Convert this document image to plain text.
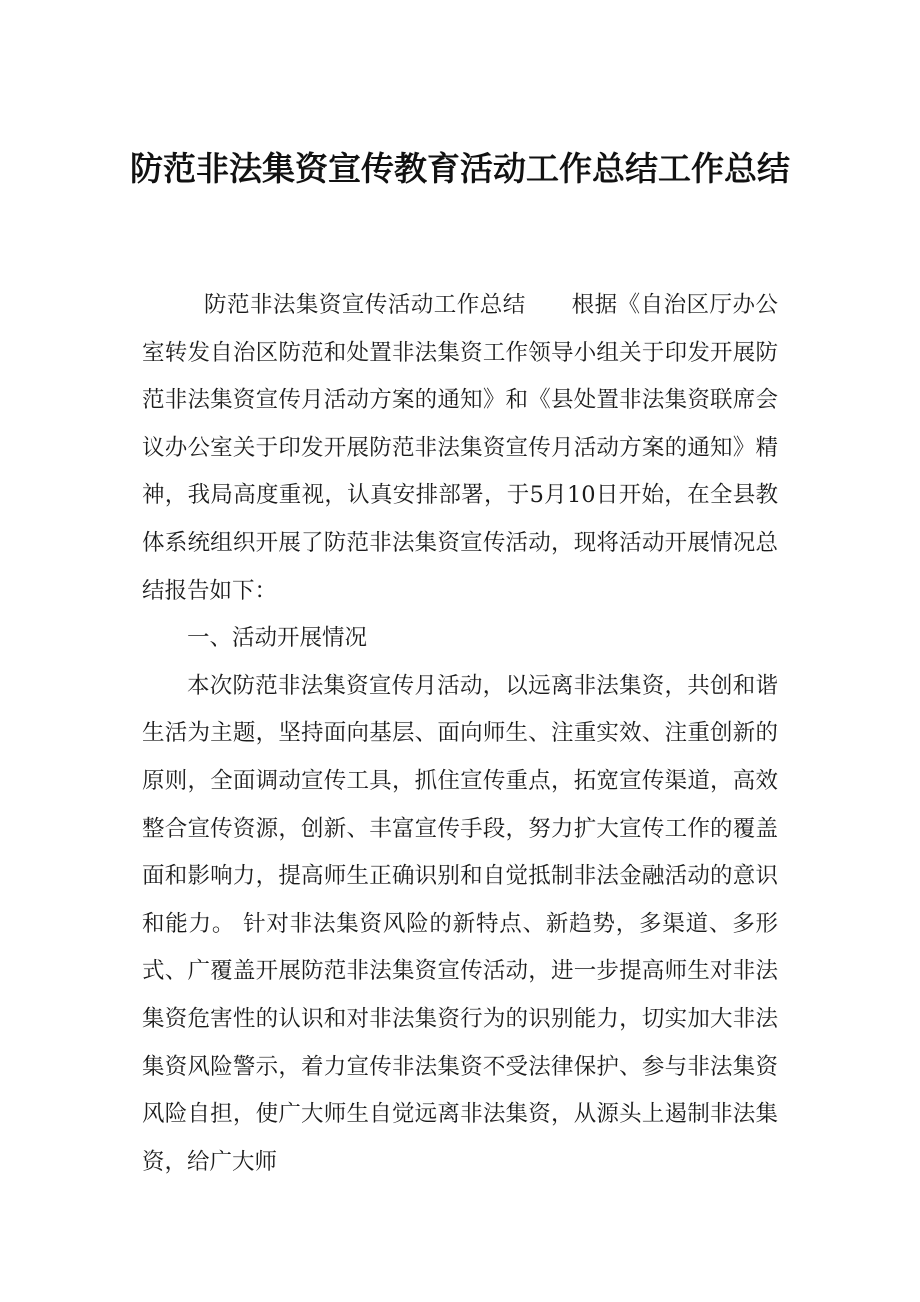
防范非法集资宣传教育活动工作总结工作总结

防范非法集资宣传活动工作总结　　根据《自治区厅办公室转发自治区防范和处置非法集资工作领导小组关于印发开展防范非法集资宣传月活动方案的通知》和《县处置非法集资联席会议办公室关于印发开展防范非法集资宣传月活动方案的通知》精神，我局高度重视，认真安排部署，于5月10日开始，在全县教体系统组织开展了防范非法集资宣传活动，现将活动开展情况总结报告如下：

一、活动开展情况

本次防范非法集资宣传月活动，以远离非法集资，共创和谐生活为主题，坚持面向基层、面向师生、注重实效、注重创新的原则，全面调动宣传工具，抓住宣传重点，拓宽宣传渠道，高效整合宣传资源，创新、丰富宣传手段，努力扩大宣传工作的覆盖面和影响力，提高师生正确识别和自觉抵制非法金融活动的意识和能力。 针对非法集资风险的新特点、新趋势，多渠道、多形式、广覆盖开展防范非法集资宣传活动，进一步提高师生对非法集资危害性的认识和对非法集资行为的识别能力，切实加大非法集资风险警示，着力宣传非法集资不受法律保护、参与非法集资风险自担，使广大师生自觉远离非法集资，从源头上遏制非法集资，给广大师
